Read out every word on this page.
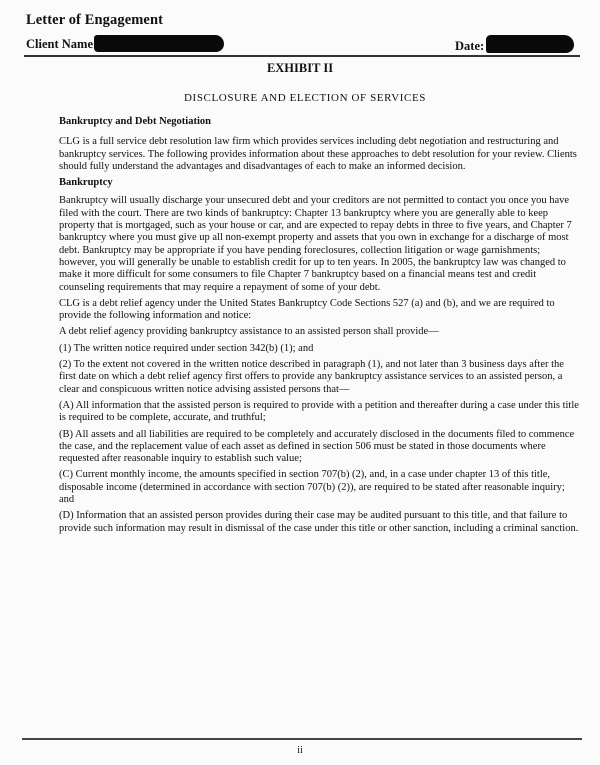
Letter of Engagement
Client Name	Date:
EXHIBIT II
DISCLOSURE AND ELECTION OF SERVICES
Bankruptcy and Debt Negotiation

CLG is a full service debt resolution law firm which provides services including debt negotiation and restructuring and bankruptcy services. The following provides information about these approaches to debt resolution for your review. Clients should fully understand the advantages and disadvantages of each to make an informed decision.

Bankruptcy

Bankruptcy will usually discharge your unsecured debt and your creditors are not permitted to contact you once you have filed with the court. There are two kinds of bankruptcy: Chapter 13 bankruptcy where you are generally able to keep property that is mortgaged, such as your house or car, and are expected to repay debts in three to five years, and Chapter 7 bankruptcy where you must give up all non-exempt property and assets that you own in exchange for a discharge of most debt. Bankruptcy may be appropriate if you have pending foreclosures, collection litigation or wage garnishments; however, you will generally be unable to establish credit for up to ten years. In 2005, the bankruptcy law was changed to make it more difficult for some consumers to file Chapter 7 bankruptcy based on a financial means test and credit counseling requirements that may require a repayment of some of your debt.

CLG is a debt relief agency under the United States Bankruptcy Code Sections 527 (a) and (b), and we are required to provide the following information and notice:

A debt relief agency providing bankruptcy assistance to an assisted person shall provide—

(1) The written notice required under section 342(b) (1); and

(2) To the extent not covered in the written notice described in paragraph (1), and not later than 3 business days after the first date on which a debt relief agency first offers to provide any bankruptcy assistance services to an assisted person, a clear and conspicuous written notice advising assisted persons that—

(A) All information that the assisted person is required to provide with a petition and thereafter during a case under this title is required to be complete, accurate, and truthful;

(B) All assets and all liabilities are required to be completely and accurately disclosed in the documents filed to commence the case, and the replacement value of each asset as defined in section 506 must be stated in those documents where requested after reasonable inquiry to establish such value;

(C) Current monthly income, the amounts specified in section 707(b) (2), and, in a case under chapter 13 of this title, disposable income (determined in accordance with section 707(b) (2)), are required to be stated after reasonable inquiry; and

(D) Information that an assisted person provides during their case may be audited pursuant to this title, and that failure to provide such information may result in dismissal of the case under this title or other sanction, including a criminal sanction.

ii
